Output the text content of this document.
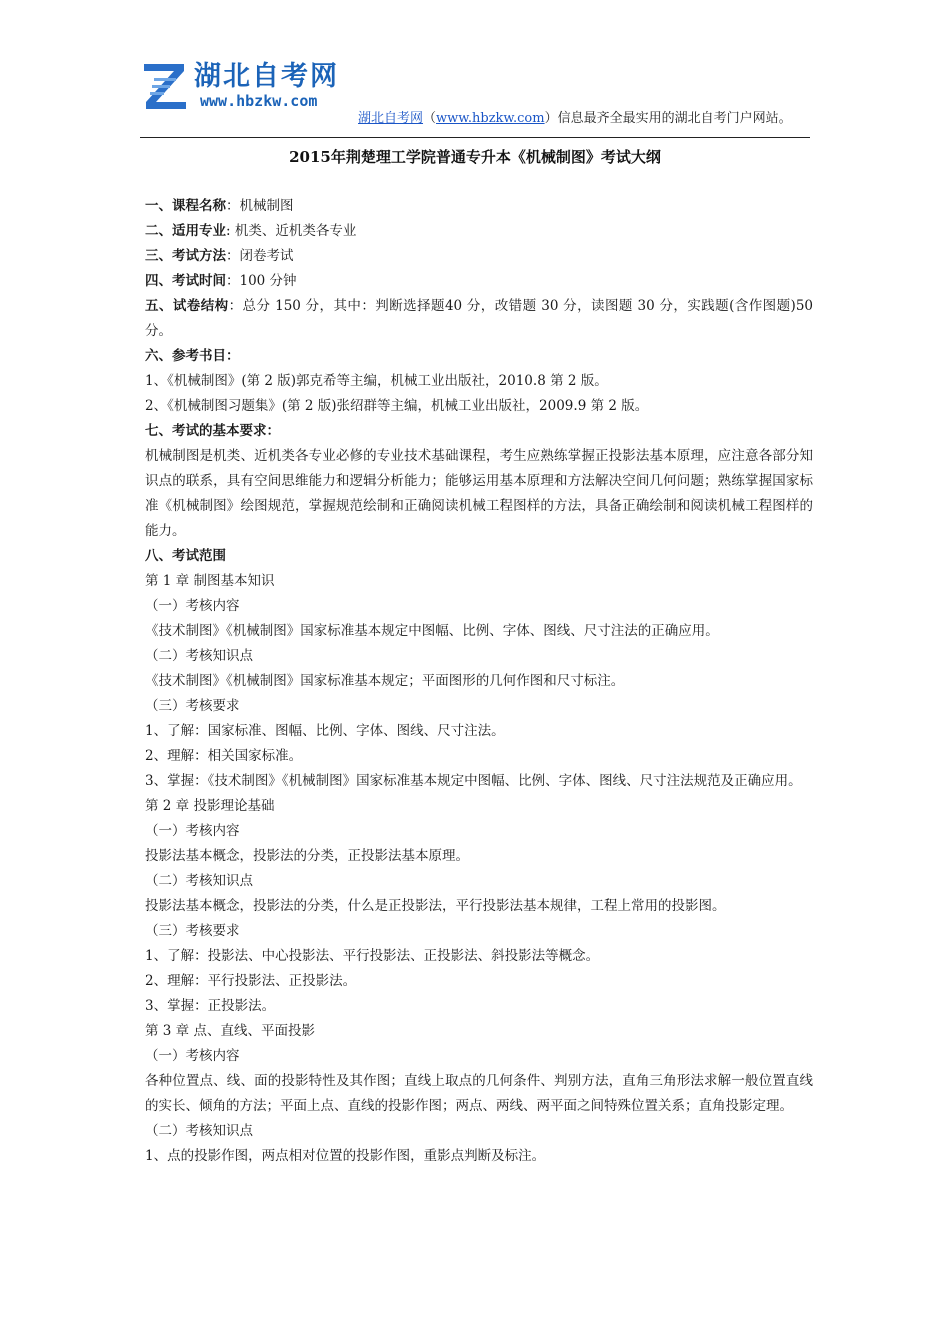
湖北自考网
www.hbzkw.com
湖北自考网（www.hbzkw.com）信息最齐全最实用的湖北自考门户网站。
2015年荆楚理工学院普通专升本《机械制图》考试大纲
一、课程名称：机械制图
二、适用专业: 机类、近机类各专业
三、考试方法：闭卷考试
四、考试时间：100 分钟
五、试卷结构：总分 150 分，其中：判断选择题40 分，改错题 30 分，读图题 30 分，实践题(含作图题)50 分。
六、参考书目：
1、《机械制图》(第 2 版)郭克希等主编，机械工业出版社，2010.8 第 2 版。
2、《机械制图习题集》(第 2 版)张绍群等主编，机械工业出版社，2009.9 第 2 版。
七、考试的基本要求：
机械制图是机类、近机类各专业必修的专业技术基础课程，考生应熟练掌握正投影法基本原理，应注意各部分知识点的联系，具有空间思维能力和逻辑分析能力；能够运用基本原理和方法解决空间几何问题；熟练掌握国家标准《机械制图》绘图规范，掌握规范绘制和正确阅读机械工程图样的方法，具备正确绘制和阅读机械工程图样的能力。
八、考试范围
第 1 章 制图基本知识
（一）考核内容
《技术制图》《机械制图》国家标准基本规定中图幅、比例、字体、图线、尺寸注法的正确应用。
（二）考核知识点
《技术制图》《机械制图》国家标准基本规定；平面图形的几何作图和尺寸标注。
（三）考核要求
1、了解：国家标准、图幅、比例、字体、图线、尺寸注法。
2、理解：相关国家标准。
3、掌握：《技术制图》《机械制图》国家标准基本规定中图幅、比例、字体、图线、尺寸注法规范及正确应用。
第 2 章 投影理论基础
（一）考核内容
投影法基本概念，投影法的分类，正投影法基本原理。
（二）考核知识点
投影法基本概念，投影法的分类，什么是正投影法，平行投影法基本规律，工程上常用的投影图。
（三）考核要求
1、了解：投影法、中心投影法、平行投影法、正投影法、斜投影法等概念。
2、理解：平行投影法、正投影法。
3、掌握：正投影法。
第 3 章 点、直线、平面投影
（一）考核内容
各种位置点、线、面的投影特性及其作图；直线上取点的几何条件、判别方法，直角三角形法求解一般位置直线的实长、倾角的方法；平面上点、直线的投影作图；两点、两线、两平面之间特殊位置关系；直角投影定理。
（二）考核知识点
1、点的投影作图，两点相对位置的投影作图，重影点判断及标注。
